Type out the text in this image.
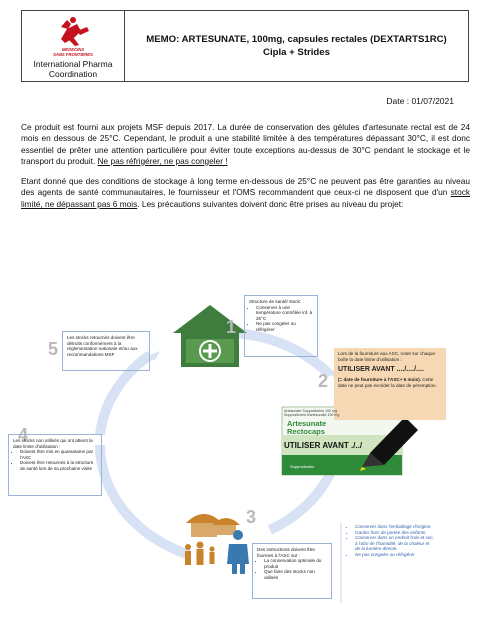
MEDECINS
SANS FRONTIERES
International Pharma
Coordination
MEMO: ARTESUNATE, 100mg, capsules rectales (DEXTARTS1RC)
Cipla + Strides
Date : 01/07/2021

Ce produit est fourni aux projets MSF depuis 2017. La durée de conservation des gélules d'artesunate rectal est de 24 mois en dessous de 25°C. Cependant, le produit a une stabilité limitée à des températures dépassant 30°C, il est donc essentiel de prêter une attention particulière pour éviter toute exceptions au-dessus de 30°C pendant le stockage et le transport du produit. Ne pas réfrigérer, ne pas congeler !

Etant donné que des conditions de stockage à long terme en-dessous de 25°C ne peuvent pas être garanties au niveau des agents de santé communautaires, le fournisseur et l'OMS recommandent que ceux-ci ne disposent que d'un stock limité, ne dépassant pas 6 mois. Les précautions suivantes doivent donc être prises au niveau du projet:

1
2
3
4
5
Structure de santé/ stock:
• Conserver à une température contrôlée inf. à 25°C
• Ne pas congeler ou réfrigérer
Les stocks retournés doivent être détruits conformément à la réglementation nationale et/ou aux recommandations MSF	Lors de la fourniture aux ASC, noter sur chaque boîte la date limite d'utilisation :
UTILISER AVANT ..../..../....
(= date de fourniture à l'ASC+ 6 mois). Cette date ne peut pas excéder la date de péremption.
Artesunate Suppositories 100 mg
Suppositoires d'artesunate 100 mg
Artesunate
Rectocaps
UTILISER AVANT ./../
Suppositories
Les stocks non utilisés qui ont atteint la date limite d'utilisation :
• Doivent être mis en quarantaine par l'ASC
• Doivent être retournés à la structure de santé lors de sa prochaine visite
Des instructions doivent être fournies à l'ASC sur :
• La conservation optimale du produit
• Que faire des stocks non utilisés
• Conserver dans l'emballage d'origine.
• Garder hors de portée des enfants.
• Conserver dans un endroit frais et sec, à l'abri de l'humidité, de la chaleur et de la lumière directe.
• Ne pas congeler ou réfrigérer
